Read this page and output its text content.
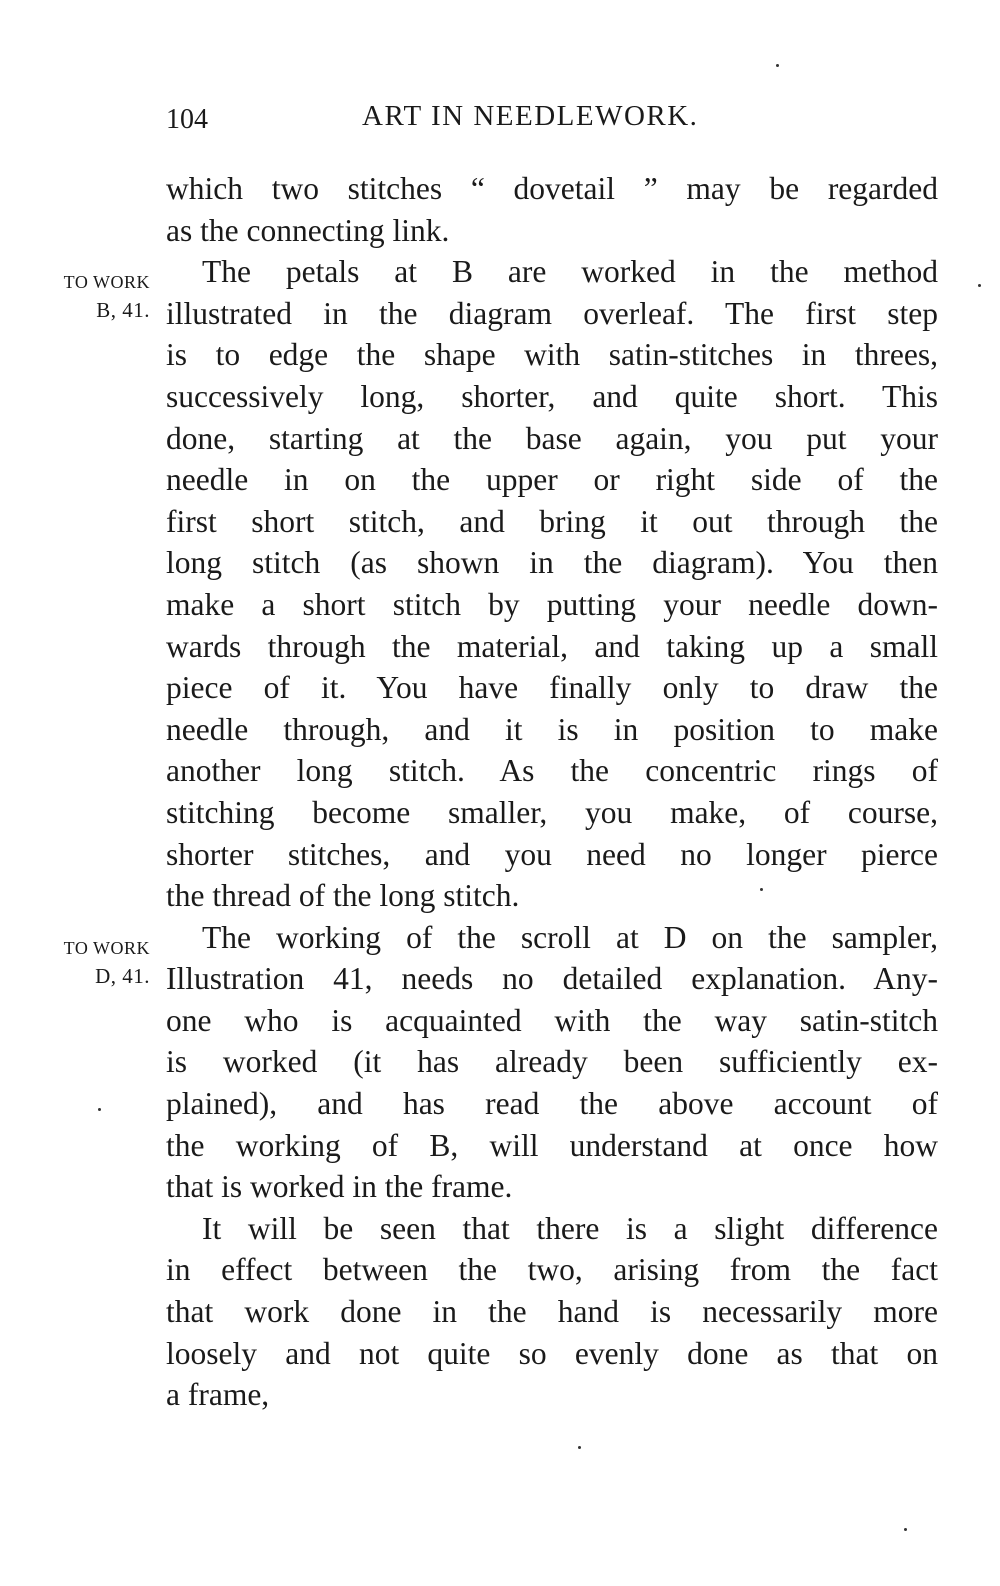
104	ART IN NEEDLEWORK.
TO WORK
B, 41.
TO WORK
D, 41.
which two stitches “ dovetail ” may be regarded
as the connecting link.
The petals at B are worked in the method
illustrated in the diagram overleaf. The first step
is to edge the shape with satin-stitches in threes,
successively long, shorter, and quite short. This
done, starting at the base again, you put your
needle in on the upper or right side of the
first short stitch, and bring it out through the
long stitch (as shown in the diagram). You then
make a short stitch by putting your needle down-
wards through the material, and taking up a small
piece of it. You have finally only to draw the
needle through, and it is in position to make
another long stitch. As the concentric rings of
stitching become smaller, you make, of course,
shorter stitches, and you need no longer pierce
the thread of the long stitch.
The working of the scroll at D on the sampler,
Illustration 41, needs no detailed explanation. Any-
one who is acquainted with the way satin-stitch
is worked (it has already been sufficiently ex-
plained), and has read the above account of
the working of B, will understand at once how
that is worked in the frame.
It will be seen that there is a slight difference
in effect between the two, arising from the fact
that work done in the hand is necessarily more
loosely and not quite so evenly done as that on
a frame,
